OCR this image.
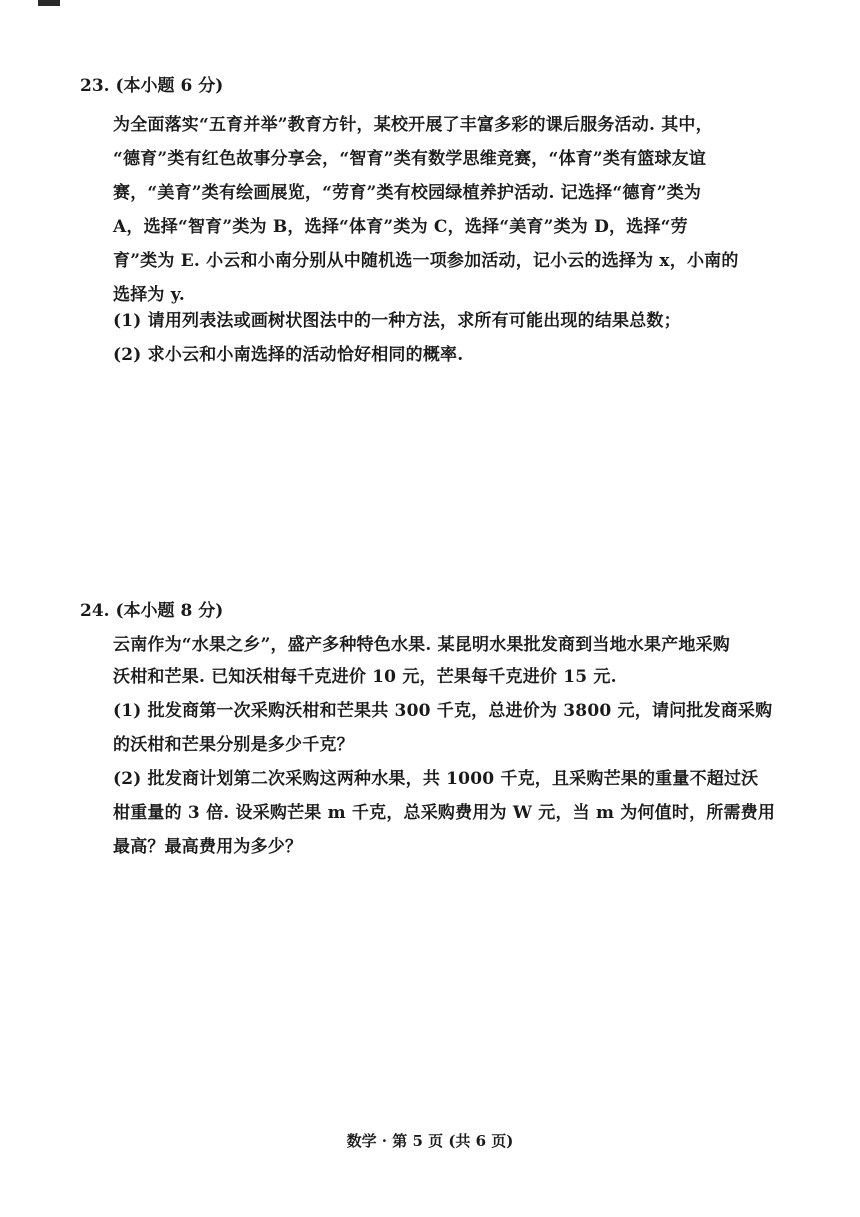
23. (本小题 6 分)
为全面落实“五育并举”教育方针，某校开展了丰富多彩的课后服务活动. 其中，
“德育”类有红色故事分享会，“智育”类有数学思维竞赛，“体育”类有篮球友谊
赛，“美育”类有绘画展览，“劳育”类有校园绿植养护活动. 记选择“德育”类为
A，选择“智育”类为 B，选择“体育”类为 C，选择“美育”类为 D，选择“劳
育”类为 E. 小云和小南分别从中随机选一项参加活动，记小云的选择为 x，小南的
选择为 y.
(1) 请用列表法或画树状图法中的一种方法，求所有可能出现的结果总数；
(2) 求小云和小南选择的活动恰好相同的概率.
24. (本小题 8 分)
云南作为“水果之乡”，盛产多种特色水果. 某昆明水果批发商到当地水果产地采购
沃柑和芒果. 已知沃柑每千克进价 10 元，芒果每千克进价 15 元.
(1) 批发商第一次采购沃柑和芒果共 300 千克，总进价为 3800 元，请问批发商采购
的沃柑和芒果分别是多少千克？
(2) 批发商计划第二次采购这两种水果，共 1000 千克，且采购芒果的重量不超过沃
柑重量的 3 倍. 设采购芒果 m 千克，总采购费用为 W 元，当 m 为何值时，所需费用
最高？最高费用为多少？
数学 · 第 5 页 (共 6 页)
